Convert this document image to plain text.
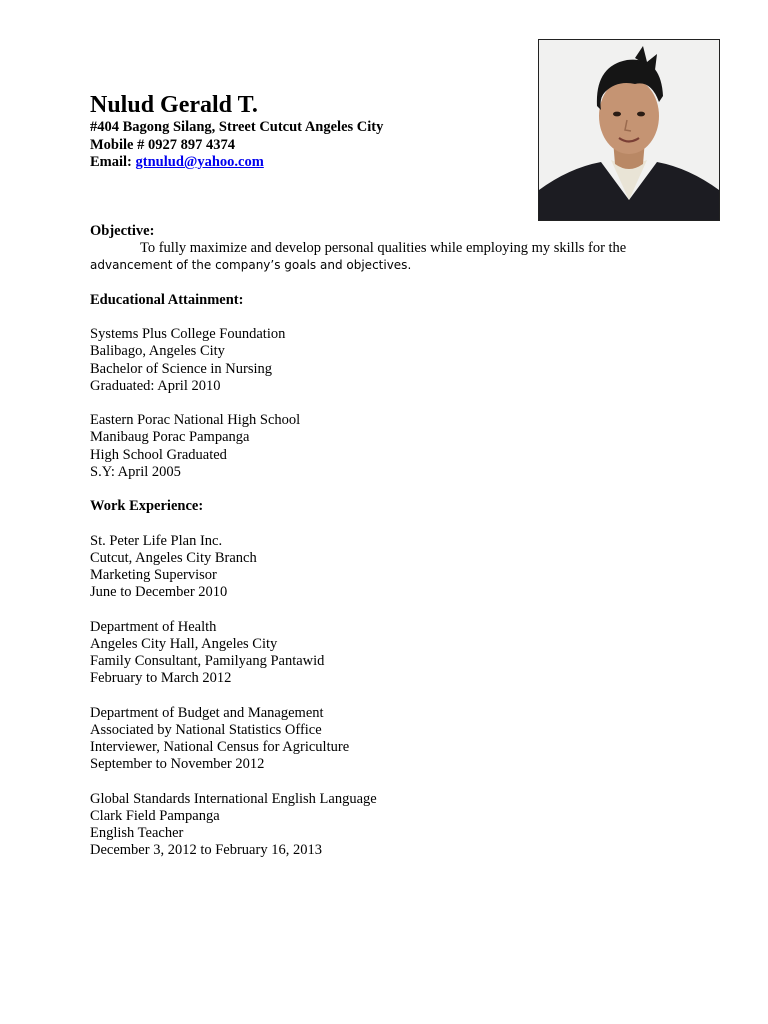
Nulud Gerald T.
#404 Bagong Silang, Street Cutcut Angeles City
Mobile # 0927 897 4374
Email: gtnulud@yahoo.com

Objective:

To fully maximize and develop personal qualities while employing my skills for the

advancement of the company’s goals and objectives.

Educational Attainment:

Systems Plus College Foundation

Balibago, Angeles City

Bachelor of Science in Nursing

Graduated: April 2010

Eastern Porac National High School

Manibaug Porac Pampanga

High School Graduated

S.Y: April 2005

Work Experience:

St. Peter Life Plan Inc.

Cutcut, Angeles City Branch

Marketing Supervisor

June to December 2010

Department of Health

Angeles City Hall, Angeles City

Family Consultant, Pamilyang Pantawid

February to March 2012

Department of Budget and Management

Associated by National Statistics Office

Interviewer, National Census for Agriculture

September to November 2012

Global Standards International English Language

Clark Field Pampanga

English Teacher

December 3, 2012 to February 16, 2013
